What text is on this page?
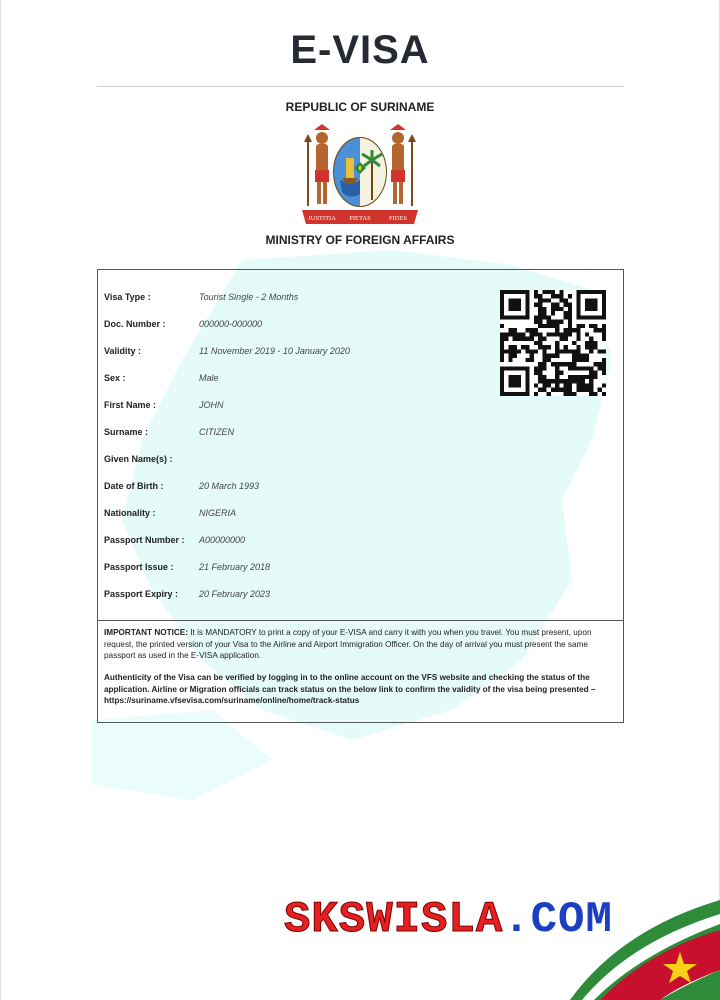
E-VISA
REPUBLIC OF SURINAME
JUSTITIA PIETAS	FIDES
MINISTRY OF FOREIGN AFFAIRS
Visa Type :	Tourist Single - 2 Months
Doc. Number :	000000-000000
Validity :	11 November 2019 - 10 January 2020
Sex :	Male
First Name :	JOHN
Surname :	CITIZEN
Given Name(s) :
Date of Birth :	20 March 1993
Nationality :	NIGERIA
Passport Number :	A00000000
Passport Issue :	21 February 2018
Passport Expiry :	20 February 2023
IMPORTANT NOTICE: It is MANDATORY to print a copy of your E-VISA and carry it with you when you travel. You must present, upon request, the printed version of your Visa to the Airline and Airport Immigration Officer. On the day of arrival you must present the same passport as used in the E-VISA application.
Authenticity of the Visa can be verified by logging in to the online account on the VFS website and checking the status of the application. Airline or Migration officials can track status on the below link to confirm the validity of the visa being presented – https://suriname.vfsevisa.com/suriname/online/home/track-status
SKSWISLA.COM
